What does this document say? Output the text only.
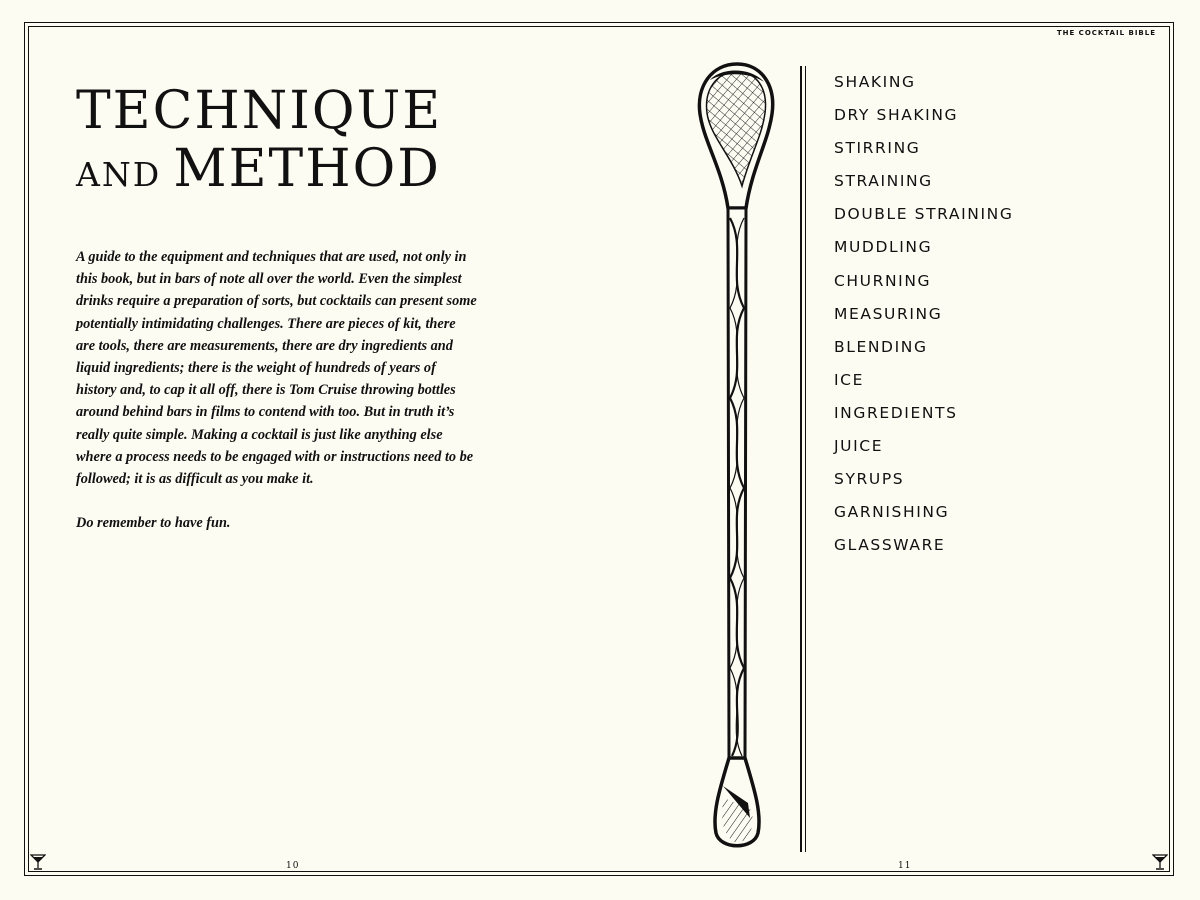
THE COCKTAIL BIBLE
TECHNIQUE
AND METHOD

A guide to the equipment and techniques that are used, not only in this book, but in bars of note all over the world. Even the simplest drinks require a preparation of sorts, but cocktails can present some potentially intimidating challenges. There are pieces of kit, there are tools, there are measurements, there are dry ingredients and liquid ingredients; there is the weight of hundreds of years of history and, to cap it all off, there is Tom Cruise throwing bottles around behind bars in films to contend with too. But in truth it’s really quite simple. Making a cocktail is just like anything else where a process needs to be engaged with or instructions need to be followed; it is as difficult as you make it.

Do remember to have fun.

SHAKING
DRY SHAKING
STIRRING
STRAINING
DOUBLE STRAINING
MUDDLING
CHURNING
MEASURING
BLENDING
ICE
INGREDIENTS
JUICE
SYRUPS
GARNISHING
GLASSWARE
10	11
